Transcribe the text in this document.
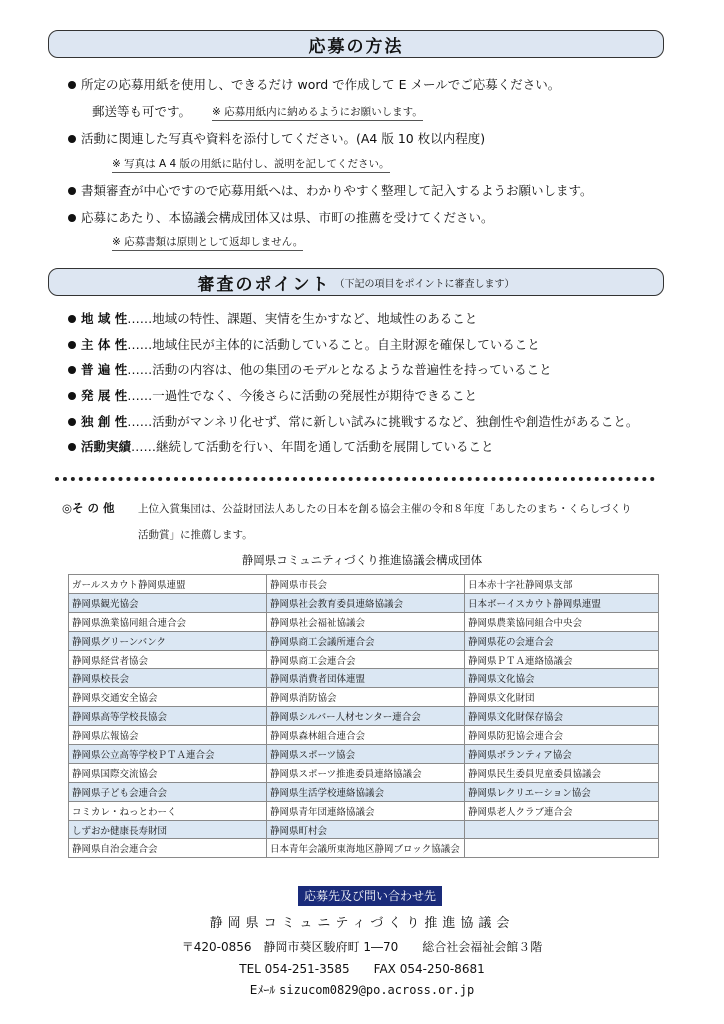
応募の方法
所定の応募用紙を使用し、できるだけ word で作成して E メールでご応募ください。
郵送等も可です。 ※ 応募用紙内に納めるようにお願いします。
活動に関連した写真や資料を添付してください。(A4 版 10 枚以内程度)
※ 写真は A 4 版の用紙に貼付し、説明を記してください。
書類審査が中心ですので応募用紙へは、わかりやすく整理して記入するようお願いします。
応募にあたり、本協議会構成団体又は県、市町の推薦を受けてください。
※ 応募書類は原則として返却しません。
審査のポイント （下記の項目をポイントに審査します）
地 域 性……地域の特性、課題、実情を生かすなど、地域性のあること
主 体 性……地域住民が主体的に活動していること。自主財源を確保していること
普 遍 性……活動の内容は、他の集団のモデルとなるような普遍性を持っていること
発 展 性……一過性でなく、今後さらに活動の発展性が期待できること
独 創 性……活動がマンネリ化せず、常に新しい試みに挑戦するなど、独創性や創造性があること。
活動実績……継続して活動を行い、年間を通して活動を展開していること
◎そ の 他 上位入賞集団は、公益財団法人あしたの日本を創る協会主催の令和８年度「あしたのまち・くらしづくり
活動賞」に推薦します。
静岡県コミュニティづくり推進協議会構成団体
ガールスカウト静岡県連盟	静岡県市長会	日本赤十字社静岡県支部
静岡県観光協会	静岡県社会教育委員連絡協議会	日本ボーイスカウト静岡県連盟
静岡県漁業協同組合連合会	静岡県社会福祉協議会	静岡県農業協同組合中央会
静岡県グリーンバンク	静岡県商工会議所連合会	静岡県花の会連合会
静岡県経営者協会	静岡県商工会連合会	静岡県ＰＴＡ連絡協議会
静岡県校長会	静岡県消費者団体連盟	静岡県文化協会
静岡県交通安全協会	静岡県消防協会	静岡県文化財団
静岡県高等学校長協会	静岡県シルバー人材センター連合会	静岡県文化財保存協会
静岡県広報協会	静岡県森林組合連合会	静岡県防犯協会連合会
静岡県公立高等学校ＰＴＡ連合会	静岡県スポーツ協会	静岡県ボランティア協会
静岡県国際交流協会	静岡県スポーツ推進委員連絡協議会	静岡県民生委員児童委員協議会
静岡県子ども会連合会	静岡県生活学校連絡協議会	静岡県レクリエーション協会
コミカレ・ねっとわーく	静岡県青年団連絡協議会	静岡県老人クラブ連合会
しずおか健康長寿財団	静岡県町村会	
静岡県自治会連合会	日本青年会議所東海地区静岡ブロック協議会	
応募先及び問い合わせ先
静岡県コミュニティづくり推進協議会
〒420-0856　静岡市葵区駿府町 1―70　　総合社会福祉会館３階
TEL 054-251-3585　　FAX 054-250-8681
Eﾒｰﾙ sizucom0829@po.across.or.jp
